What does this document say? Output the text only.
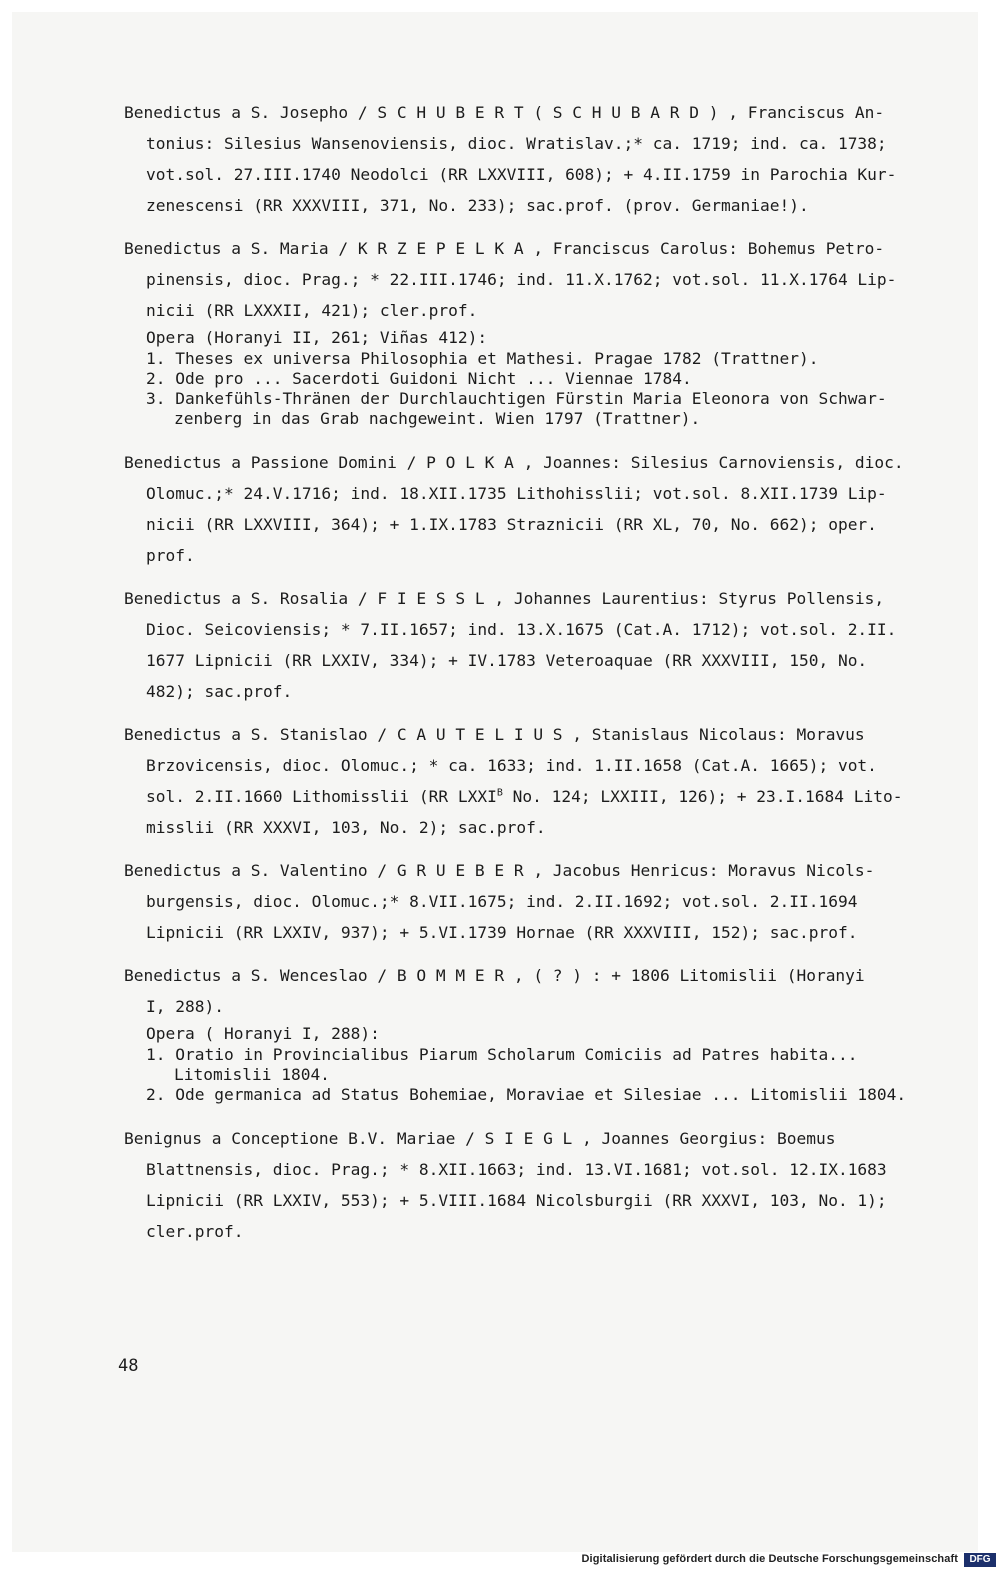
Benedictus a S. Josepho / S C H U B E R T ( S C H U B A R D ) , Franciscus An-
tonius: Silesius Wansenoviensis, dioc. Wratislav.;* ca. 1719; ind. ca. 1738;
vot.sol. 27.III.1740 Neodolci (RR LXXVIII, 608); + 4.II.1759 in Parochia Kur-
zenescensi (RR XXXVIII, 371, No. 233); sac.prof. (prov. Germaniae!).
Benedictus a S. Maria / K R Z E P E L K A , Franciscus Carolus: Bohemus Petro-
pinensis, dioc. Prag.; * 22.III.1746; ind. 11.X.1762; vot.sol. 11.X.1764 Lip-
nicii (RR LXXXII, 421); cler.prof.
Opera (Horanyi II, 261; Viñas 412):
1. Theses ex universa Philosophia et Mathesi. Pragae 1782 (Trattner).
2. Ode pro ... Sacerdoti Guidoni Nicht ... Viennae 1784.
3. Dankefühls-Thränen der Durchlauchtigen Fürstin Maria Eleonora von Schwar-
zenberg in das Grab nachgeweint. Wien 1797 (Trattner).
Benedictus a Passione Domini / P O L K A , Joannes: Silesius Carnoviensis, dioc.
Olomuc.;* 24.V.1716; ind. 18.XII.1735 Lithohisslii; vot.sol. 8.XII.1739 Lip-
nicii (RR LXXVIII, 364); + 1.IX.1783 Straznicii (RR XL, 70, No. 662); oper.
prof.
Benedictus a S. Rosalia / F I E S S L , Johannes Laurentius: Styrus Pollensis,
Dioc. Seicoviensis; * 7.II.1657; ind. 13.X.1675 (Cat.A. 1712); vot.sol. 2.II.
1677 Lipnicii (RR LXXIV, 334); + IV.1783 Veteroaquae (RR XXXVIII, 150, No.
482); sac.prof.
Benedictus a S. Stanislao / C A U T E L I U S , Stanislaus Nicolaus: Moravus
Brzovicensis, dioc. Olomuc.; * ca. 1633; ind. 1.II.1658 (Cat.A. 1665); vot.
sol. 2.II.1660 Lithomisslii (RR $LXXI^B$ No. 124; LXXIII, 126); + 23.I.1684 Lito-
misslii (RR XXXVI, 103, No. 2); sac.prof.
Benedictus a S. Valentino / G R U E B E R , Jacobus Henricus: Moravus Nicols-
burgensis, dioc. Olomuc.;* 8.VII.1675; ind. 2.II.1692; vot.sol. 2.II.1694
Lipnicii (RR LXXIV, 937); + 5.VI.1739 Hornae (RR XXXVIII, 152); sac.prof.
Benedictus a S. Wenceslao / B O M M E R , ( ? ) : + 1806 Litomislii (Horanyi
I, 288).
Opera ( Horanyi I, 288):
1. Oratio in Provincialibus Piarum Scholarum Comiciis ad Patres habita...
Litomislii 1804.
2. Ode germanica ad Status Bohemiae, Moraviae et Silesiae ... Litomislii 1804.
Benignus a Conceptione B.V. Mariae / S I E G L , Joannes Georgius: Boemus
Blattnensis, dioc. Prag.; * 8.XII.1663; ind. 13.VI.1681; vot.sol. 12.IX.1683
Lipnicii (RR LXXIV, 553); + 5.VIII.1684 Nicolsburgii (RR XXXVI, 103, No. 1);
cler.prof.
48
Digitalisierung gefördert durch die Deutsche Forschungsgemeinschaft	DFG
